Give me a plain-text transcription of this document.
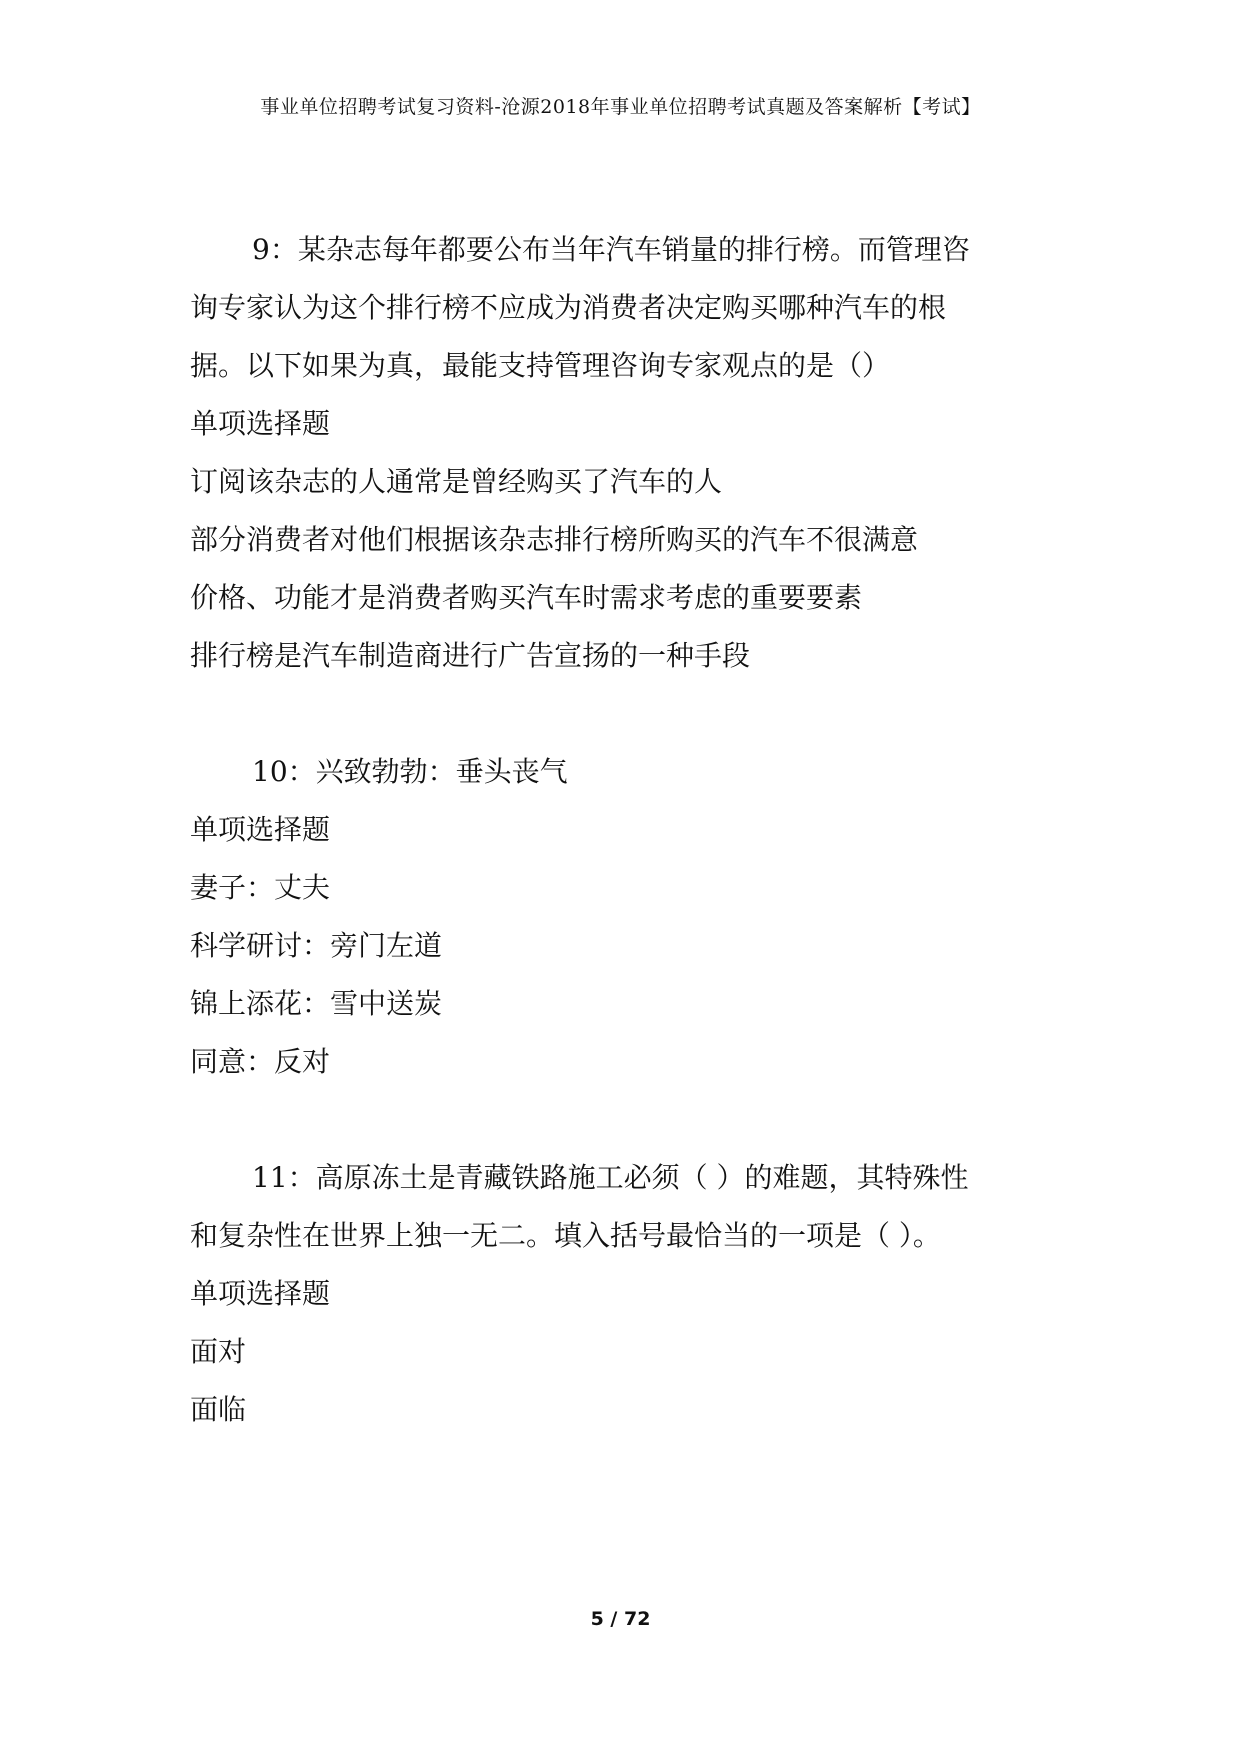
事业单位招聘考试复习资料-沧源2018年事业单位招聘考试真题及答案解析【考试】
9：某杂志每年都要公布当年汽车销量的排行榜。而管理咨
询专家认为这个排行榜不应成为消费者决定购买哪种汽车的根
据。以下如果为真，最能支持管理咨询专家观点的是（）
单项选择题
订阅该杂志的人通常是曾经购买了汽车的人
部分消费者对他们根据该杂志排行榜所购买的汽车不很满意
价格、功能才是消费者购买汽车时需求考虑的重要要素
排行榜是汽车制造商进行广告宣扬的一种手段
10：兴致勃勃：垂头丧气
单项选择题
妻子：丈夫
科学研讨：旁门左道
锦上添花：雪中送炭
同意：反对
11：高原冻土是青藏铁路施工必须（ ）的难题，其特殊性
和复杂性在世界上独一无二。填入括号最恰当的一项是（ ）。
单项选择题
面对
面临
5 / 72
